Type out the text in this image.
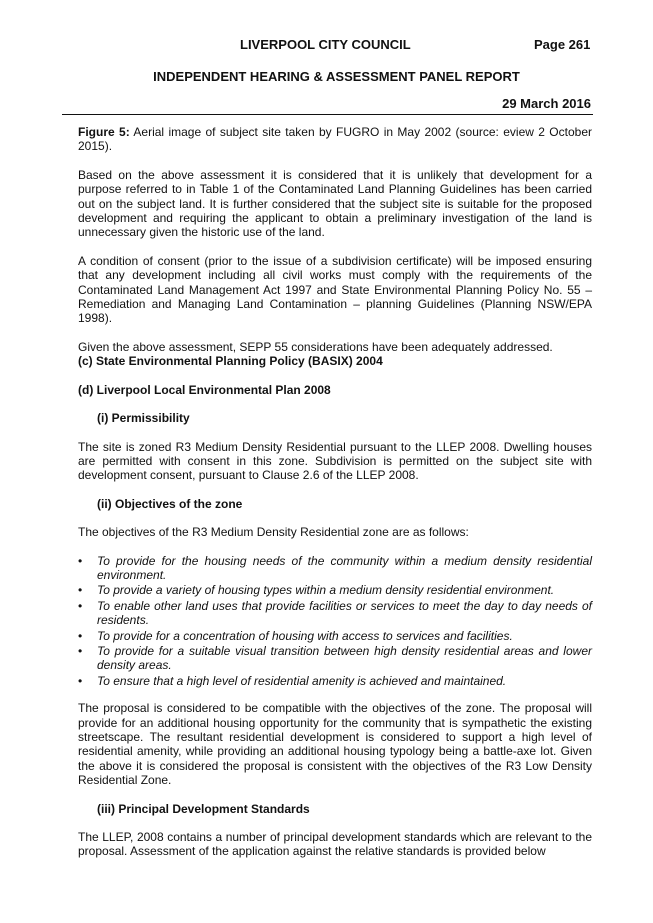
LIVERPOOL CITY COUNCIL	Page 261
INDEPENDENT HEARING & ASSESSMENT PANEL REPORT
29 March 2016

Figure 5: Aerial image of subject site taken by FUGRO in May 2002 (source: eview 2 October 2015).

Based on the above assessment it is considered that it is unlikely that development for a purpose referred to in Table 1 of the Contaminated Land Planning Guidelines has been carried out on the subject land. It is further considered that the subject site is suitable for the proposed development and requiring the applicant to obtain a preliminary investigation of the land is unnecessary given the historic use of the land.

A condition of consent (prior to the issue of a subdivision certificate) will be imposed ensuring that any development including all civil works must comply with the requirements of the Contaminated Land Management Act 1997 and State Environmental Planning Policy No. 55 – Remediation and Managing Land Contamination – planning Guidelines (Planning NSW/EPA 1998).

Given the above assessment, SEPP 55 considerations have been adequately addressed.

(c) State Environmental Planning Policy (BASIX) 2004

(d) Liverpool Local Environmental Plan 2008

(i) Permissibility

The site is zoned R3 Medium Density Residential pursuant to the LLEP 2008. Dwelling houses are permitted with consent in this zone. Subdivision is permitted on the subject site with development consent, pursuant to Clause 2.6 of the LLEP 2008.

(ii) Objectives of the zone

The objectives of the R3 Medium Density Residential zone are as follows:

• To provide for the housing needs of the community within a medium density residential environment.
• To provide a variety of housing types within a medium density residential environment.
• To enable other land uses that provide facilities or services to meet the day to day needs of residents.
• To provide for a concentration of housing with access to services and facilities.
• To provide for a suitable visual transition between high density residential areas and lower density areas.
• To ensure that a high level of residential amenity is achieved and maintained.

The proposal is considered to be compatible with the objectives of the zone. The proposal will provide for an additional housing opportunity for the community that is sympathetic the existing streetscape. The resultant residential development is considered to support a high level of residential amenity, while providing an additional housing typology being a battle-axe lot. Given the above it is considered the proposal is consistent with the objectives of the R3 Low Density Residential Zone.

(iii) Principal Development Standards

The LLEP, 2008 contains a number of principal development standards which are relevant to the proposal. Assessment of the application against the relative standards is provided below
